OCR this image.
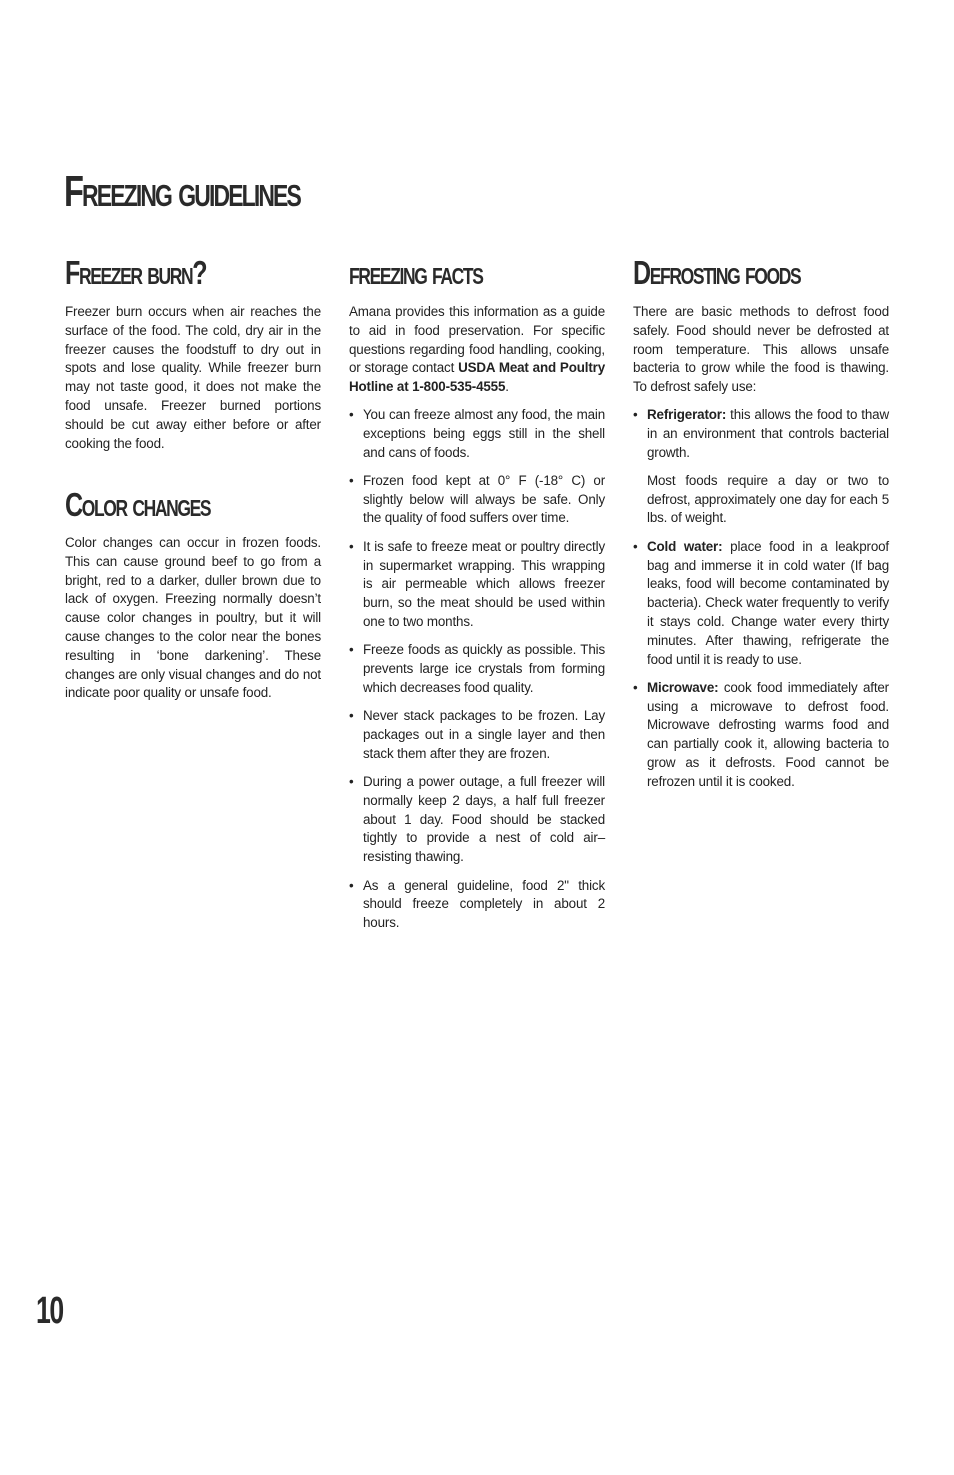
Freezing guidelines
Freezer burn?

Freezer burn occurs when air reaches the surface of the food. The cold, dry air in the freezer causes the foodstuff to dry out in spots and lose quality. While freezer burn may not taste good, it does not make the food unsafe. Freezer burned portions should be cut away either before or after cooking the food.

Color changes

Color changes can occur in frozen foods. This can cause ground beef to go from a bright, red to a darker, duller brown due to lack of oxygen. Freezing normally doesn’t cause color changes in poultry, but it will cause changes to the color near the bones resulting in ‘bone darkening’. These changes are only visual changes and do not indicate poor quality or unsafe food.

freezing facts

Amana provides this information as a guide to aid in food preservation. For specific questions regarding food handling, cooking, or storage contact USDA Meat and Poultry Hotline at 1-800-535-4555.

• You can freeze almost any food, the main exceptions being eggs still in the shell and cans of foods.
• Frozen food kept at 0° F (-18° C) or slightly below will always be safe. Only the quality of food suffers over time.
• It is safe to freeze meat or poultry directly in supermarket wrapping. This wrapping is air permeable which allows freezer burn, so the meat should be used within one to two months.
• Freeze foods as quickly as possible. This prevents large ice crystals from forming which decreases food quality.
• Never stack packages to be frozen. Lay packages out in a single layer and then stack them after they are frozen.
• During a power outage, a full freezer will normally keep 2 days, a half full freezer about 1 day. Food should be stacked tightly to provide a nest of cold air–resisting thawing.
• As a general guideline, food 2" thick should freeze completely in about 2 hours.
Defrosting foods

There are basic methods to defrost food safely. Food should never be defrosted at room temperature. This allows unsafe bacteria to grow while the food is thawing. To defrost safely use:

• Refrigerator: this allows the food to thaw in an environment that controls bacterial growth.
Most foods require a day or two to defrost, approximately one day for each 5 lbs. of weight.
• Cold water: place food in a leakproof bag and immerse it in cold water (If bag leaks, food will become contaminated by bacteria). Check water frequently to verify it stays cold. Change water every thirty minutes. After thawing, refrigerate the food until it is ready to use.
• Microwave: cook food immediately after using a microwave to defrost food. Microwave defrosting warms food and can partially cook it, allowing bacteria to grow as it defrosts. Food cannot be refrozen until it is cooked.
10
